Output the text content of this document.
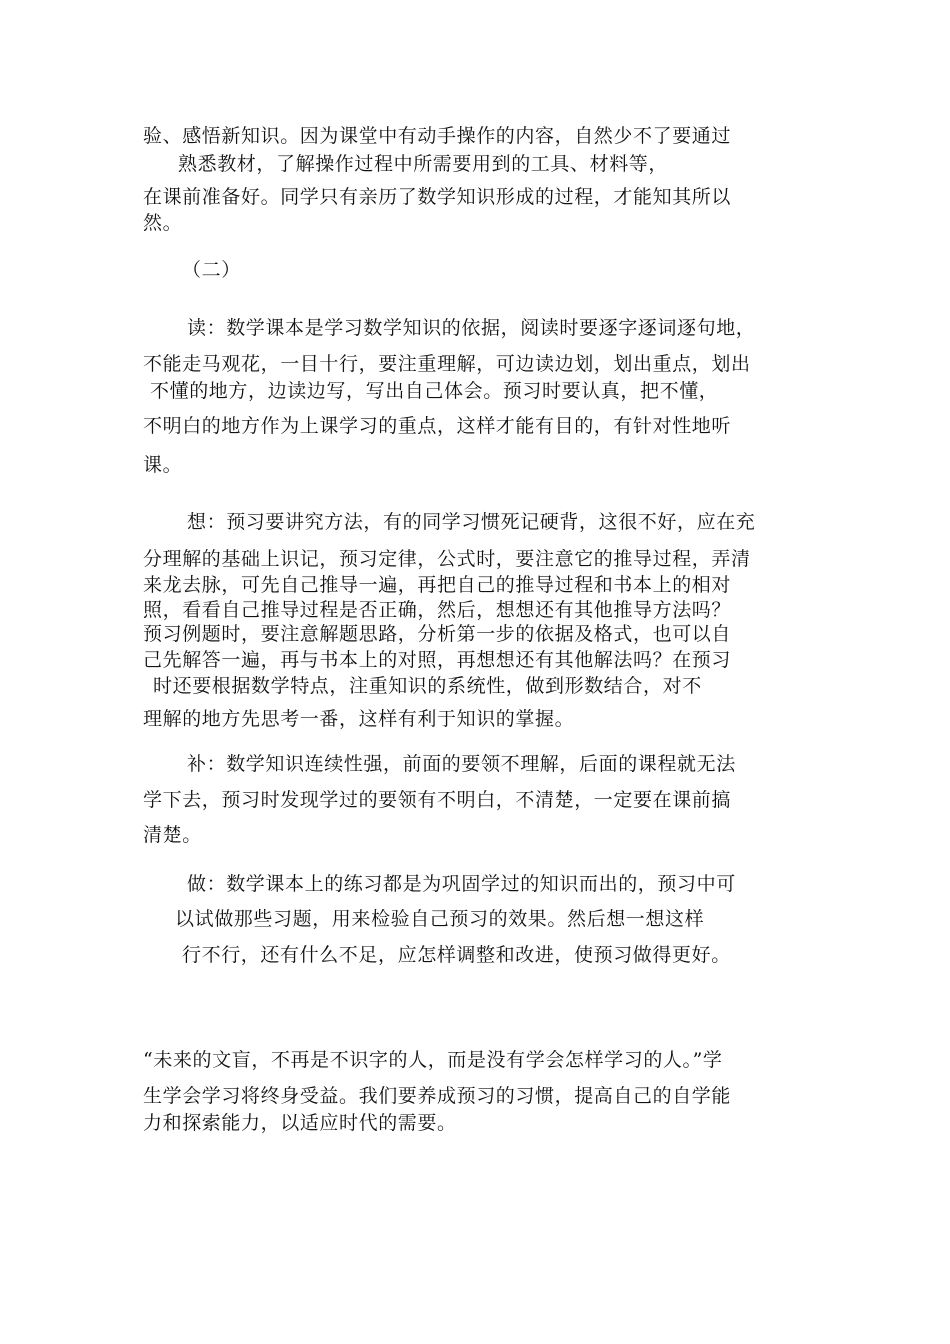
验、感悟新知识。因为课堂中有动手操作的内容，自然少不了要通过
熟悉教材，了解操作过程中所需要用到的工具、材料等，
在课前准备好。同学只有亲历了数学知识形成的过程，才能知其所以
然。
（二）
读：数学课本是学习数学知识的依据，阅读时要逐字逐词逐句地，
不能走马观花，一目十行，要注重理解，可边读边划，划出重点，划出
不懂的地方，边读边写，写出自己体会。预习时要认真，把不懂，
不明白的地方作为上课学习的重点，这样才能有目的，有针对性地听
课。
想：预习要讲究方法，有的同学习惯死记硬背，这很不好，应在充
分理解的基础上识记，预习定律，公式时，要注意它的推导过程，弄清
来龙去脉，可先自己推导一遍，再把自己的推导过程和书本上的相对
照，看看自己推导过程是否正确，然后，想想还有其他推导方法吗？
预习例题时，要注意解题思路，分析第一步的依据及格式，也可以自
己先解答一遍，再与书本上的对照，再想想还有其他解法吗？在预习
时还要根据数学特点，注重知识的系统性，做到形数结合，对不
理解的地方先思考一番，这样有利于知识的掌握。
补：数学知识连续性强，前面的要领不理解，后面的课程就无法
学下去，预习时发现学过的要领有不明白，不清楚，一定要在课前搞
清楚。
做：数学课本上的练习都是为巩固学过的知识而出的，预习中可
以试做那些习题，用来检验自己预习的效果。然后想一想这样
行不行，还有什么不足，应怎样调整和改进，使预习做得更好。
“未来的文盲，不再是不识字的人，而是没有学会怎样学习的人。”学
生学会学习将终身受益。我们要养成预习的习惯，提高自己的自学能
力和探索能力，以适应时代的需要。
